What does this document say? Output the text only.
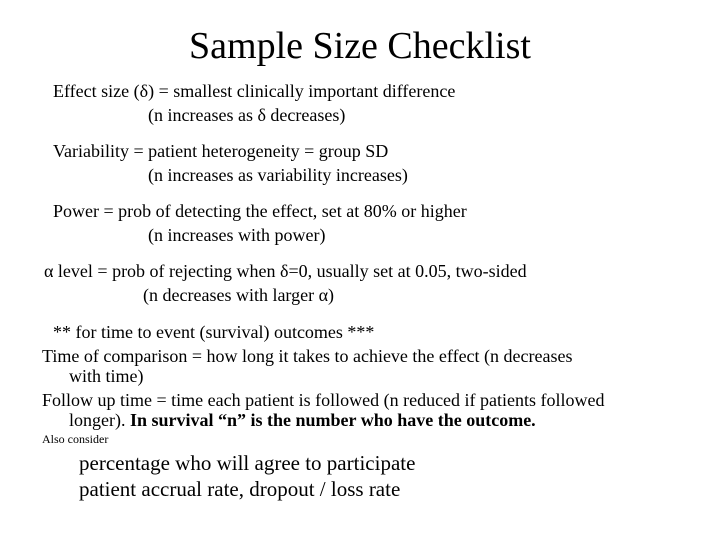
Sample Size Checklist
Effect size (δ) = smallest clinically important difference
(n increases as δ decreases)
Variability = patient heterogeneity = group SD
(n increases as variability increases)
Power = prob of detecting the effect, set at 80% or higher
(n increases with power)
α level = prob of rejecting when δ=0, usually set at 0.05, two-sided
(n decreases with larger α)
** for time to event (survival) outcomes ***
Time of comparison = how long it takes to achieve the effect (n decreases
with time)
Follow up time = time each patient is followed (n reduced if patients followed
longer). In survival “n” is the number who have the outcome.
Also consider
percentage who will agree to participate
patient accrual rate, dropout / loss rate
